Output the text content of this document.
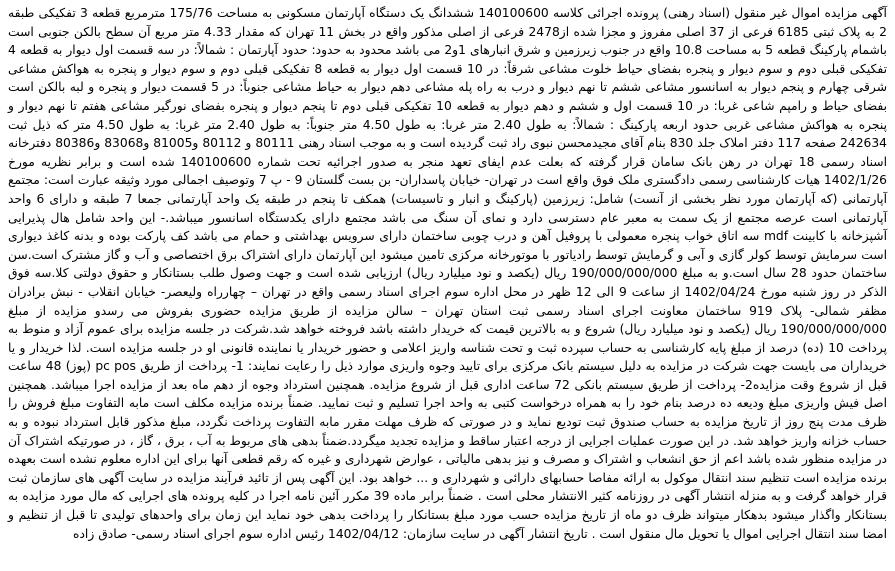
آگهی مزایده اموال غیر منقول (اسناد رهنی) پرونده اجرائی کلاسه 140100600 ششدانگ یک دستگاه آپارتمان مسکونی به مساحت 175/76 مترمربع قطعه 3 تفکیکی طبقه 2 به پلاک ثبتی 6185 فرعی از 37 اصلی مفروز و مجزا شده از2478 فرعی از اصلی مذکور واقع در بخش 11 تهران که مقدار 4.33 متر مربع آن سطح بالکن جنوبی است باشمام پارکینگ قطعه 5 به مساحت 10.8 واقع در جنوب زیرزمین و شرق انبارهای 1و2 می باشد محدود به حدود: حدود آپارتمان : شمالاً: در سه قسمت اول دیوار به قطعه 4 تفکیکی قبلی دوم و سوم دیوار و پنجره بفضای حیاط خلوت مشاعی شرقاً: در 10 قسمت اول دیوار به قطعه 8 تفکیکی قبلی دوم و سوم دیوار و پنجره به هواکش مشاعی شرقی چهارم و پنجم دیوار به اسانسور مشاعی ششم تا نهم دیوار و درب به راه پله مشاعی دهم دیوار به حیاط مشاعی جنوباً: در 5 قسمت دیوار و پنجره و لبه بالکن است بفضای حیاط و رامپم شاعی غربا: در 10 قسمت اول و ششم و دهم دیوار به قطعه 10 تفکیکی قبلی دوم تا پنجم دیوار و پنجره بفضای نورگیر مشاعی هفتم تا نهم دیوار و پنجره به هواکش مشاعی غربی حدود اربعه پارکینگ : شمالاً: به طول 2.40 متر غربا: به طول 4.50 متر جنوباً: به طول 2.40 متر غربا: به طول 4.50 متر که ذیل ثبت 242634 صفحه 117 دفتر املاک جلد 830 بنام آقای مجیدمحسن نبوی راد ثبت گردیده است و به موجب اسناد رهنی 80111 و 80112 و81005 و83068 و80386 دفترخانه اسناد رسمی 18 تهران در رهن بانک سامان قرار گرفته که بعلت عدم ایفای تعهد منجر به صدور اجرائیه تحت شماره 140100600 شده است و برابر نظریه مورخ 1402/1/26 هیات کارشناسی رسمی دادگستری ملک فوق واقع است در تهران- خیابان پاسداران- بن بست گلستان 9 - پ 7 وتوصیف اجمالی مورد وثیقه عبارت است: مجتمع آپارتمانی (که آپارتمان مورد نظر بخشی از آنست) شامل: زیرزمین (پارکینگ و انبار و تاسیسات) همکف تا پنجم در طبقه یک واحد آپارتمانی جمعا 7 طبقه و دارای 6 واحد آپارتمانی است عرصه مجتمع از یک سمت به معبر عام دسترسی دارد و نمای آن سنگ می باشد مجتمع دارای یکدستگاه اسانسور میباشد.- این واحد شامل هال پذیرایی آشپزخانه با کابینت mdf سه اتاق خواب پنجره معمولی با پروفیل آهن و درب چوبی ساختمان دارای سرویس بهداشتی و حمام می باشد کف پارکت بوده و بدنه کاغذ دیواری است سرمایش توسط کولر گازی و آبی و گرمایش توسط رادیاتور با موتورخانه مرکزی تامین میشود این آپارتمان دارای اشتراک برق اختصاصی و آب و گاز مشترک است.سن ساختمان حدود 28 سال است.و به مبلغ 190/000/000/000 ریال (یکصد و نود میلیارد ریال) ارزیابی شده است و جهت وصول طلب بستانکار و حقوق دولتی کلا.سه فوق الذکر در روز شنبه مورخ 1402/04/24 از ساعت 9 الی 12 ظهر در محل اداره سوم اجرای اسناد رسمی واقع در تهران – چهارراه ولیعصر- خیابان انقلاب - نبش برادران مظفر شمالی- پلاک 919 ساختمان معاونت اجرای اسناد رسمی ثبت استان تهران – سالن مزایده از طریق مزایده حضوری بفروش می رسدو مزایده از مبلغ 190/000/000/000 ریال (یکصد و نود میلیارد ریال) شروع و به بالاترین قیمت که خریدار داشته باشد فروخته خواهد شد.شرکت در جلسه مزایده برای عموم آزاد و منوط به پرداخت 10 (ده) درصد از مبلغ پایه کارشناسی به حساب سپرده ثبت و تحت شناسه واریز اعلامی و حضور خریدار یا نماینده قانونی او در جلسه مزایده است. لذا خریدار و یا خریداران می بایست جهت شرکت در مزایده به دلیل سیستم بانک مرکزی برای تایید وجوه واریزی موارد ذیل را رعایت نمایند: 1- پرداخت از طریق pc pos (پوز) 48 ساعت قبل از شروع وقت مزایده2- پرداخت از طریق سیستم بانکی 72 ساعت اداری قبل از شروع مزایده. همچنین استرداد وجوه از دهم ماه بعد از مزایده اجرا میباشد. همچنین اصل فیش واریزی مبلغ ودیعه ده درصد بنام خود را به همراه درخواست کتبی به واحد اجرا تسلیم و ثبت نمایید. ضمناً برنده مزایده مکلف است مابه التفاوت مبلغ فروش را ظرف مدت پنج روز از تاریخ مزایده به حساب صندوق ثبت تودیع نماید و در صورتی که ظرف مهلت مقرر مابه التفاوت پرداخت نگردد، مبلغ مذکور قابل استرداد نبوده و به حساب خزانه واریز خواهد شد. در این صورت عملیات اجرایی از درجه اعتبار ساقط و مزایده تجدید میگردد.ضمناً بدهی های مربوط به آب ، برق ، گاز ، در صورتیکه اشتراک آن در مزایده منظور شده باشد اعم از حق انشعاب و اشتراک و مصرف و نیز بدهی مالیاتی ، عوارض شهرداری و غیره که رقم قطعی آنها برای این اداره معلوم نشده است بعهده برنده مزایده است تنظیم سند انتقال موکول به ارائه مفاصا حسابهای دارائی و شهرداری و ... خواهد بود. این آگهی پس از تائید فرآیند مزایده در سایت آگهی های سازمان ثبت قرار خواهد گرفت و به منزله انتشار آگهی در روزنامه کثیر الانتشار محلی است . ضمناً برابر ماده 39 مکرر آئین نامه اجرا در کلیه پرونده های اجرایی که مال مورد مزایده به بستانکار واگذار میشود بدهکار میتواند ظرف دو ماه از تاریخ مزایده حسب مورد مبلغ بستانکار را پرداخت بدهی خود نماید این زمان برای واحدهای تولیدی تا قبل از تنظیم و امضا سند انتقال اجرایی اموال یا تحویل مال منقول است . تاریخ انتشار آگهی در سایت سازمان: 1402/04/12 رئیس اداره سوم اجرای اسناد رسمی- صادق زاده
